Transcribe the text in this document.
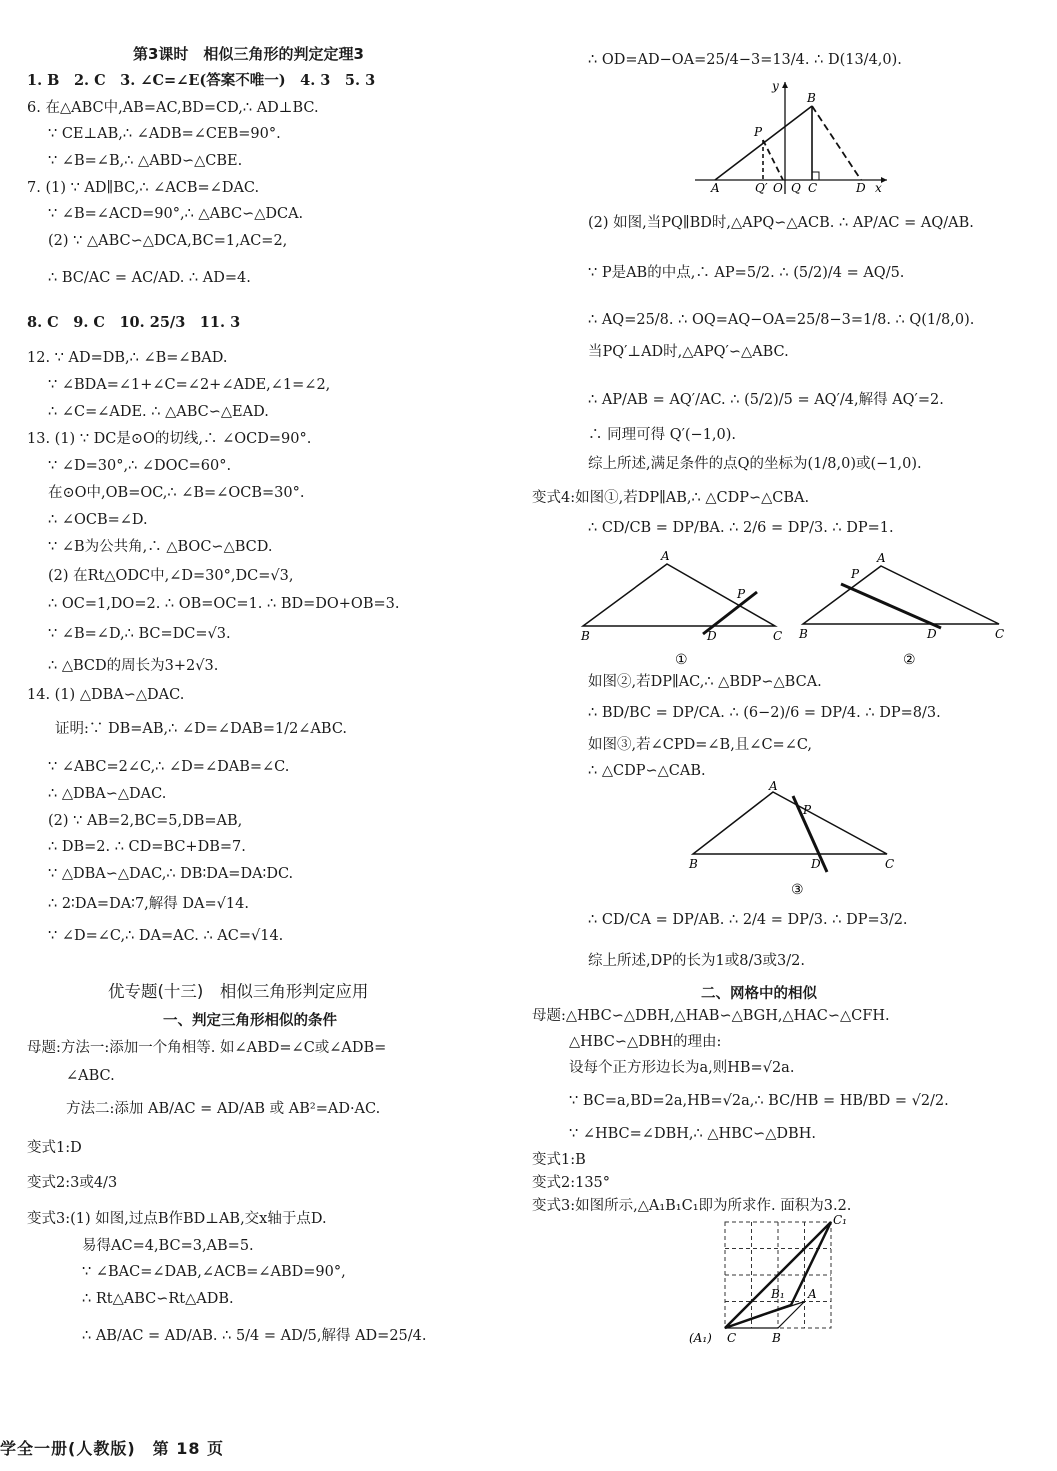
第3课时　相似三角形的判定定理3
1. B　2. C　3. ∠C=∠E(答案不唯一)　4. 3　5. 3
6. 在△ABC中,AB=AC,BD=CD,∴ AD⊥BC.
∵ CE⊥AB,∴ ∠ADB=∠CEB=90°.
∵ ∠B=∠B,∴ △ABD∽△CBE.
7. (1) ∵ AD∥BC,∴ ∠ACB=∠DAC.
∵ ∠B=∠ACD=90°,∴ △ABC∽△DCA.
(2) ∵ △ABC∽△DCA,BC=1,AC=2,
∴ BC/AC = AC/AD. ∴ AD=4.
8. C　9. C　10. 25/3　11. 3
12. ∵ AD=DB,∴ ∠B=∠BAD.
∵ ∠BDA=∠1+∠C=∠2+∠ADE,∠1=∠2,
∴ ∠C=∠ADE. ∴ △ABC∽△EAD.
13. (1) ∵ DC是⊙O的切线,∴ ∠OCD=90°.
∵ ∠D=30°,∴ ∠DOC=60°.
在⊙O中,OB=OC,∴ ∠B=∠OCB=30°.
∴ ∠OCB=∠D.
∵ ∠B为公共角,∴ △BOC∽△BCD.
(2) 在Rt△ODC中,∠D=30°,DC=√3,
∴ OC=1,DO=2. ∴ OB=OC=1. ∴ BD=DO+OB=3.
∵ ∠B=∠D,∴ BC=DC=√3.
∴ △BCD的周长为3+2√3.
14. (1) △DBA∽△DAC.
证明:∵ DB=AB,∴ ∠D=∠DAB=1/2∠ABC.
∵ ∠ABC=2∠C,∴ ∠D=∠DAB=∠C.
∴ △DBA∽△DAC.
(2) ∵ AB=2,BC=5,DB=AB,
∴ DB=2. ∴ CD=BC+DB=7.
∵ △DBA∽△DAC,∴ DB∶DA=DA∶DC.
∴ 2∶DA=DA∶7,解得 DA=√14.
∵ ∠D=∠C,∴ DA=AC. ∴ AC=√14.
优专题(十三)　相似三角形判定应用
一、判定三角形相似的条件
母题:方法一:添加一个角相等. 如∠ABD=∠C或∠ADB=
∠ABC.
方法二:添加 AB/AC = AD/AB 或 AB²=AD·AC.
变式1:D
变式2:3或4/3
变式3:(1) 如图,过点B作BD⊥AB,交x轴于点D.
易得AC=4,BC=3,AB=5.
∵ ∠BAC=∠DAB,∠ACB=∠ABD=90°,
∴ Rt△ABC∽Rt△ADB.
∴ AB/AC = AD/AB. ∴ 5/4 = AD/5,解得 AD=25/4.
∴ OD=AD−OA=25/4−3=13/4. ∴ D(13/4,0).
y
B
P
A	Q′ O Q C	D x
(2) 如图,当PQ∥BD时,△APQ∽△ACB. ∴ AP/AC = AQ/AB.
∵ P是AB的中点,∴ AP=5/2. ∴ (5/2)/4 = AQ/5.
∴ AQ=25/8. ∴ OQ=AQ−OA=25/8−3=1/8. ∴ Q(1/8,0).
当PQ′⊥AD时,△APQ′∽△ABC.
∴ AP/AB = AQ′/AC. ∴ (5/2)/5 = AQ′/4,解得 AQ′=2.
∴ 同理可得 Q′(−1,0).
综上所述,满足条件的点Q的坐标为(1/8,0)或(−1,0).
变式4:如图①,若DP∥AB,∴ △CDP∽△CBA.
∴ CD/CB = DP/BA. ∴ 2/6 = DP/3. ∴ DP=1.
A
P
B	D	C
①
A
P
B	D	C
②
如图②,若DP∥AC,∴ △BDP∽△BCA.
∴ BD/BC = DP/CA. ∴ (6−2)/6 = DP/4. ∴ DP=8/3.
如图③,若∠CPD=∠B,且∠C=∠C,
∴ △CDP∽△CAB.
A
P
B	D	C
③
∴ CD/CA = DP/AB. ∴ 2/4 = DP/3. ∴ DP=3/2.
综上所述,DP的长为1或8/3或3/2.
二、网格中的相似
母题:△HBC∽△DBH,△HAB∽△BGH,△HAC∽△CFH.
△HBC∽△DBH的理由:
设每个正方形边长为a,则HB=√2a.
∵ BC=a,BD=2a,HB=√2a,∴ BC/HB = HB/BD = √2/2.
∵ ∠HBC=∠DBH,∴ △HBC∽△DBH.
变式1:B
变式2:135°
变式3:如图所示,△A₁B₁C₁即为所求作. 面积为3.2.
C₁
B₁ A
(A₁) C	B
学全一册(人教版)　第 18 页
